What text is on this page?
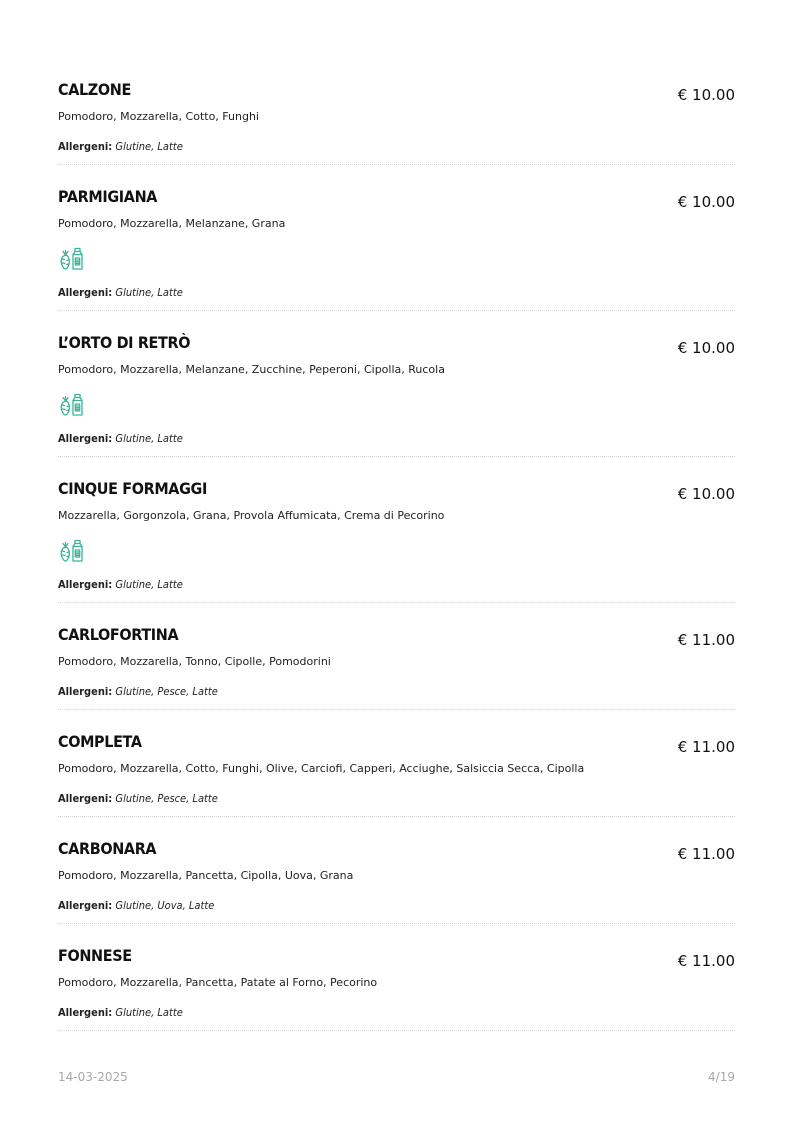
CALZONE	€ 10.00
Pomodoro, Mozzarella, Cotto, Funghi
Allergeni: Glutine, Latte
PARMIGIANA	€ 10.00
Pomodoro, Mozzarella, Melanzane, Grana
Allergeni: Glutine, Latte
L’ORTO DI RETRÒ	€ 10.00
Pomodoro, Mozzarella, Melanzane, Zucchine, Peperoni, Cipolla, Rucola
Allergeni: Glutine, Latte
CINQUE FORMAGGI	€ 10.00
Mozzarella, Gorgonzola, Grana, Provola Affumicata, Crema di Pecorino
Allergeni: Glutine, Latte
CARLOFORTINA	€ 11.00
Pomodoro, Mozzarella, Tonno, Cipolle, Pomodorini
Allergeni: Glutine, Pesce, Latte
COMPLETA	€ 11.00
Pomodoro, Mozzarella, Cotto, Funghi, Olive, Carciofi, Capperi, Acciughe, Salsiccia Secca, Cipolla
Allergeni: Glutine, Pesce, Latte
CARBONARA	€ 11.00
Pomodoro, Mozzarella, Pancetta, Cipolla, Uova, Grana
Allergeni: Glutine, Uova, Latte
FONNESE	€ 11.00
Pomodoro, Mozzarella, Pancetta, Patate al Forno, Pecorino
Allergeni: Glutine, Latte
14-03-2025	4/19
